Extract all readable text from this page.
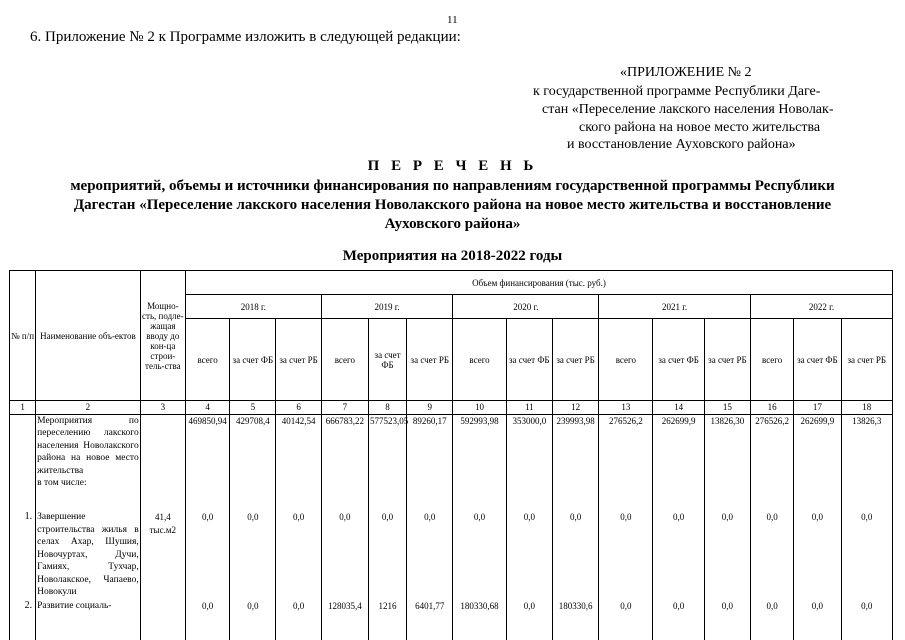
11
6. Приложение № 2 к Программе изложить в следующей редакции:
«ПРИЛОЖЕНИЕ № 2
к государственной программе Республики Даге-
стан «Переселение лакского населения Новолак-
ского района на новое место жительства
и восстановление Ауховского района»
П Е Р Е Ч Е Н Ь
мероприятий, объемы и источники финансирования по направлениям государственной программы Республики Дагестан «Переселение лакского населения Новолакского района на новое место жительства и восстановление Ауховского района»
Мероприятия на 2018-2022 годы
№ п/п	Наименование объ-ектов	Мощно-сть, подле-жащая вводу до кон-ца строи-тель-ства	Объем финансирования (тыс. руб.)														
			2018 г.			2019 г.			2020 г.			2021 г.			2022 г.		
			всего	за счет ФБ	за счет РБ	всего	за счет ФБ	за счет РБ	всего	за счет ФБ	за счет РБ	всего	за счет ФБ	за счет РБ	всего	за счет ФБ	за счет РБ
1	2	3	4	5	6	7	8	9	10	11	12	13	14	15	16	17	18
	Мероприятия по переселению лакского населения Новолакского района на новое место жительства
в том числе:		469850,94	429708,4	40142,54	666783,22	577523,05	89260,17	592993,98	353000,0	239993,98	276526,2	262699,9	13826,30	276526,2	262699,9	13826,3
1.	Завершение строительства жилья в селах Ахар, Шушия, Новочуртах, Дучи, Гамиях, Тухчар, Новолакское, Чапаево, Новокули	41,4 тыс.м2	0,0	0,0	0,0	0,0	0,0	0,0	0,0	0,0	0,0	0,0	0,0	0,0	0,0	0,0	0,0
2.	Развитие социаль-		0,0	0,0	0,0	128035,4	1216	6401,77	180330,68	0,0	180330,6	0,0	0,0	0,0	0,0	0,0	0,0
